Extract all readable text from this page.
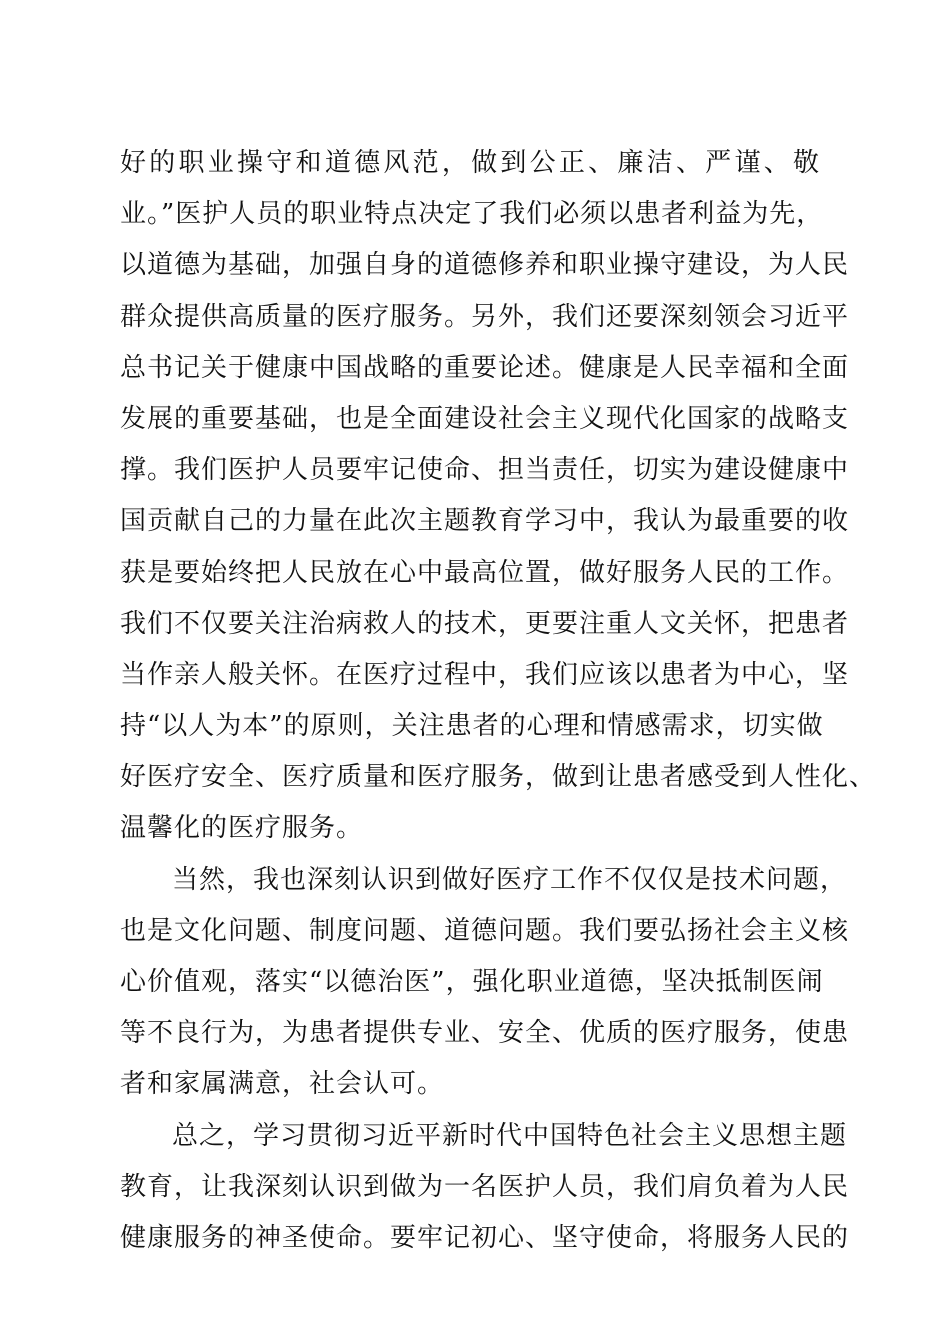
好的职业操守和道德风范，做到公正、廉洁、严谨、敬
业。”医护人员的职业特点决定了我们必须以患者利益为先，
以道德为基础，加强自身的道德修养和职业操守建设，为人民
群众提供高质量的医疗服务。另外，我们还要深刻领会习近平
总书记关于健康中国战略的重要论述。健康是人民幸福和全面
发展的重要基础，也是全面建设社会主义现代化国家的战略支
撑。我们医护人员要牢记使命、担当责任，切实为建设健康中
国贡献自己的力量在此次主题教育学习中，我认为最重要的收
获是要始终把人民放在心中最高位置，做好服务人民的工作。
我们不仅要关注治病救人的技术，更要注重人文关怀，把患者
当作亲人般关怀。在医疗过程中，我们应该以患者为中心，坚
持“以人为本”的原则，关注患者的心理和情感需求，切实做
好医疗安全、医疗质量和医疗服务，做到让患者感受到人性化、
温馨化的医疗服务。
当然，我也深刻认识到做好医疗工作不仅仅是技术问题，
也是文化问题、制度问题、道德问题。我们要弘扬社会主义核
心价值观，落实“以德治医”，强化职业道德，坚决抵制医闹
等不良行为，为患者提供专业、安全、优质的医疗服务，使患
者和家属满意，社会认可。
总之，学习贯彻习近平新时代中国特色社会主义思想主题
教育，让我深刻认识到做为一名医护人员，我们肩负着为人民
健康服务的神圣使命。要牢记初心、坚守使命，将服务人民的
